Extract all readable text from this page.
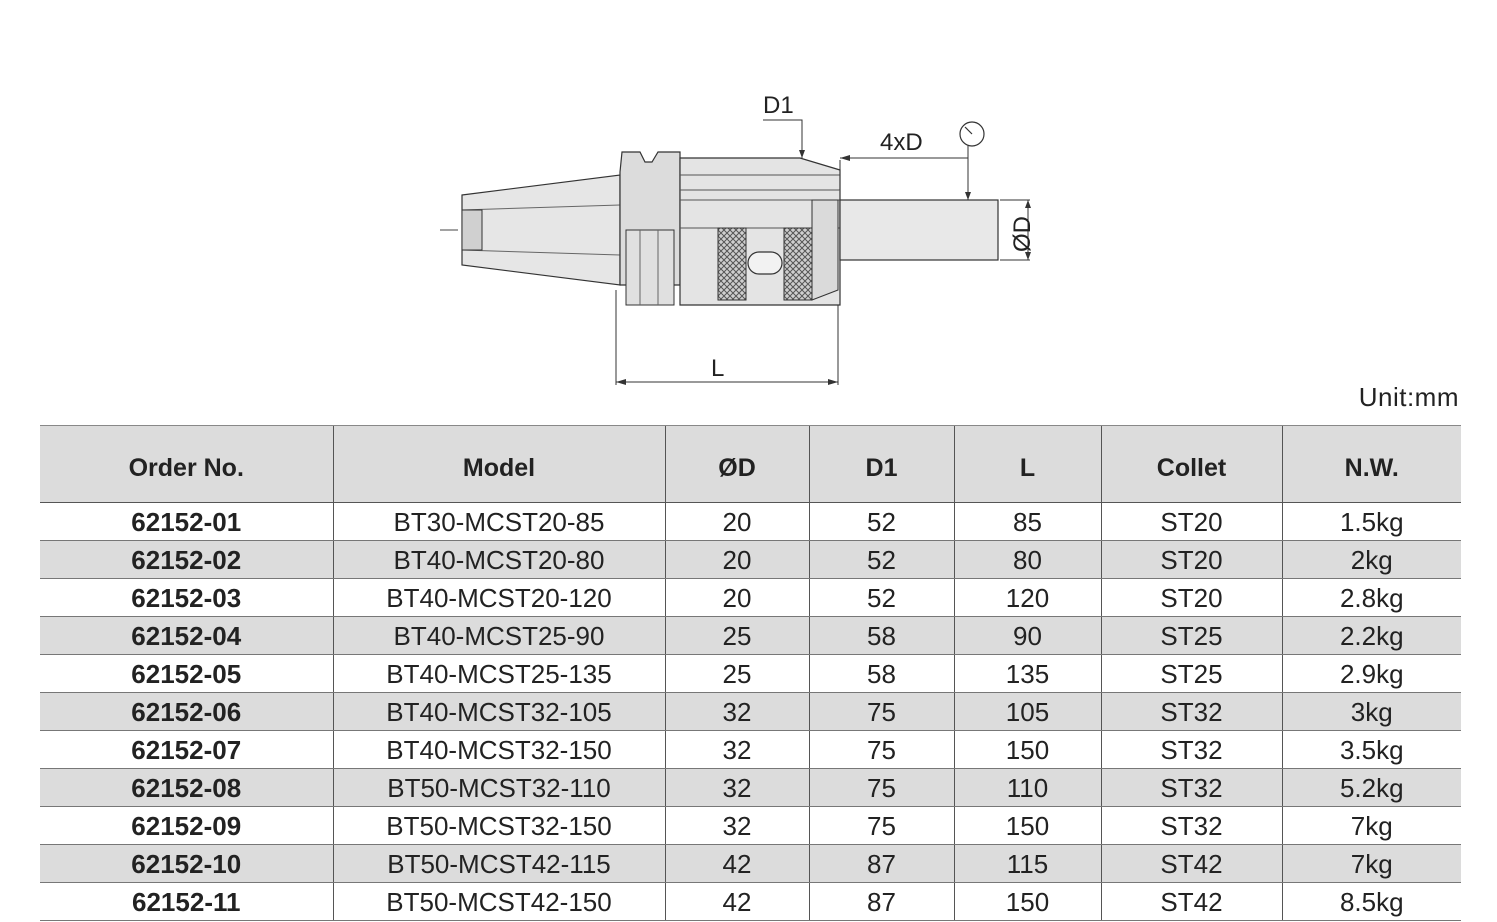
D1
4xD
ØD
L
Unit:mm
Order No.	Model	ØD	D1	L	Collet	N.W.
62152-01	BT30-MCST20-85	20	52	85	ST20	1.5kg
62152-02	BT40-MCST20-80	20	52	80	ST20	2kg
62152-03	BT40-MCST20-120	20	52	120	ST20	2.8kg
62152-04	BT40-MCST25-90	25	58	90	ST25	2.2kg
62152-05	BT40-MCST25-135	25	58	135	ST25	2.9kg
62152-06	BT40-MCST32-105	32	75	105	ST32	3kg
62152-07	BT40-MCST32-150	32	75	150	ST32	3.5kg
62152-08	BT50-MCST32-110	32	75	110	ST32	5.2kg
62152-09	BT50-MCST32-150	32	75	150	ST32	7kg
62152-10	BT50-MCST42-115	42	87	115	ST42	7kg
62152-11	BT50-MCST42-150	42	87	150	ST42	8.5kg
